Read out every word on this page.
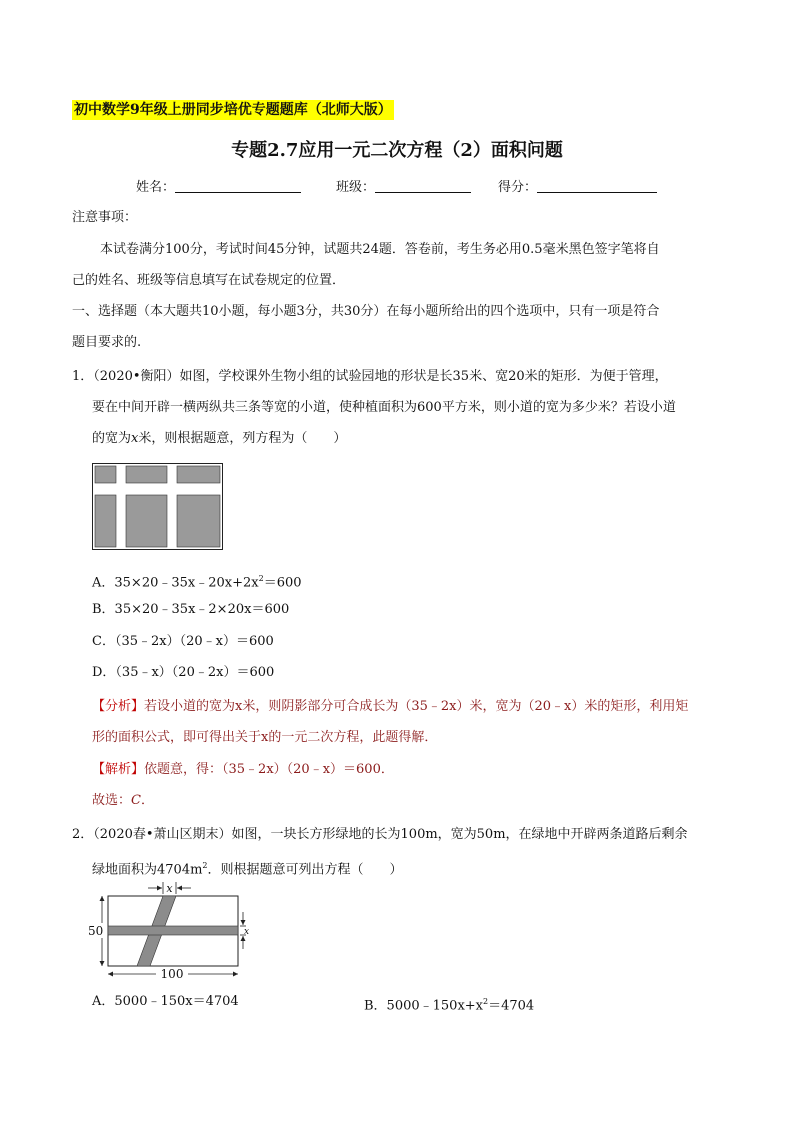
初中数学9年级上册同步培优专题题库（北师大版）
专题2.7应用一元二次方程（2）面积问题
姓名：	班级：	得分：
注意事项：
本试卷满分100分，考试时间45分钟，试题共24题．答卷前，考生务必用0.5毫米黑色签字笔将自
己的姓名、班级等信息填写在试卷规定的位置．
一、选择题（本大题共10小题，每小题3分，共30分）在每小题所给出的四个选项中，只有一项是符合
题目要求的.
1．（2020•衡阳）如图，学校课外生物小组的试验园地的形状是长35米、宽20米的矩形．为便于管理，
要在中间开辟一横两纵共三条等宽的小道，使种植面积为600平方米，则小道的宽为多少米？若设小道
的宽为x米，则根据题意，列方程为（　　）
A．$35\times 20﹣35x﹣20x+2x^2=600$
B．35×20﹣35x﹣2×20x＝600
C．（35﹣2x）（20﹣x）＝600
D．（35﹣x）（20﹣2x）＝600
【分析】若设小道的宽为x米，则阴影部分可合成长为（35﹣2x）米，宽为（20﹣x）米的矩形，利用矩
形的面积公式，即可得出关于x的一元二次方程，此题得解．
【解析】依题意，得：（35﹣2x）（20﹣x）＝600．
故选：C．
2．（2020春•萧山区期末）如图，一块长方形绿地的长为100m，宽为50m，在绿地中开辟两条道路后剩余
绿地面积为$4704m^2$．则根据题意可列出方程（　　）
x
x
50
100
A．5000﹣150x＝4704	B．$5000﹣150x+x^2=4704$
